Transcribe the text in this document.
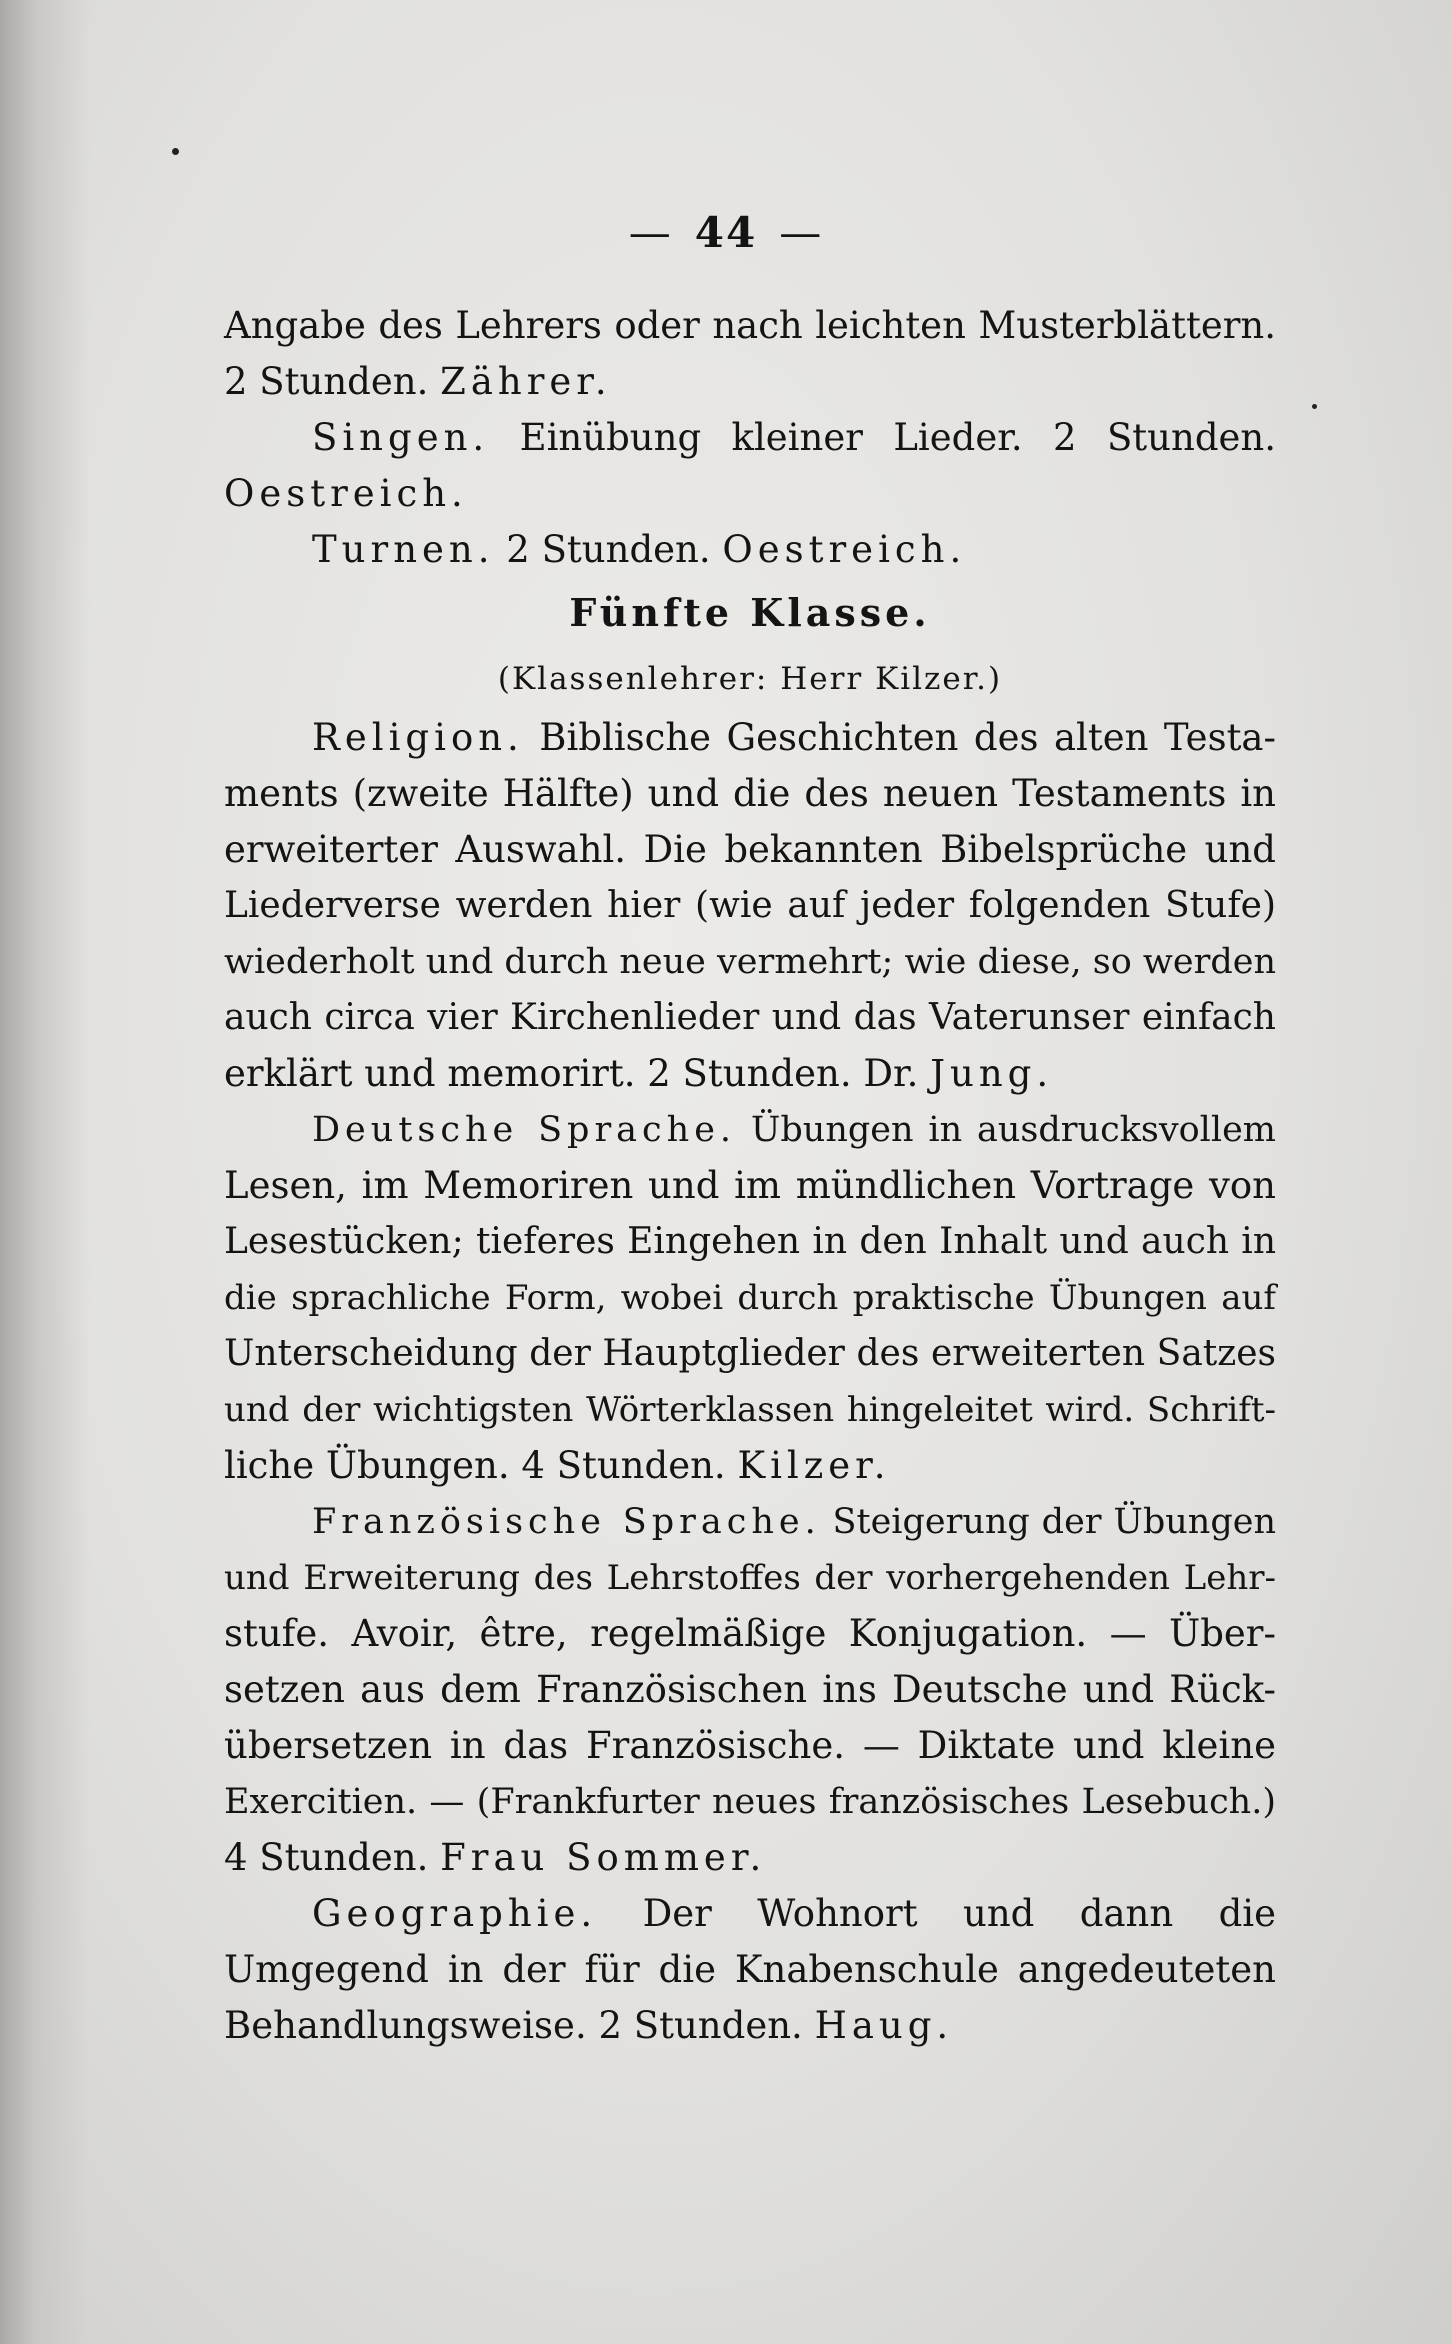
— 44 —
Angabe des Lehrers oder nach leichten Musterblättern.
2 Stunden. Zährer.
Singen. Einübung kleiner Lieder. 2 Stunden.
Oestreich.
Turnen. 2 Stunden. Oestreich.
Fünfte Klasse.
(Klassenlehrer: Herr Kilzer.)
Religion. Biblische Geschichten des alten Testa-
ments (zweite Hälfte) und die des neuen Testaments in
erweiterter Auswahl. Die bekannten Bibelsprüche und
Liederverse werden hier (wie auf jeder folgenden Stufe)
wiederholt und durch neue vermehrt; wie diese, so werden
auch circa vier Kirchenlieder und das Vaterunser einfach
erklärt und memorirt. 2 Stunden. Dr. Jung.
Deutsche Sprache. Übungen in ausdrucksvollem
Lesen, im Memoriren und im mündlichen Vortrage von
Lesestücken; tieferes Eingehen in den Inhalt und auch in
die sprachliche Form, wobei durch praktische Übungen auf
Unterscheidung der Hauptglieder des erweiterten Satzes
und der wichtigsten Wörterklassen hingeleitet wird. Schrift-
liche Übungen. 4 Stunden. Kilzer.
Französische Sprache. Steigerung der Übungen
und Erweiterung des Lehrstoffes der vorhergehenden Lehr-
stufe. Avoir, être, regelmäßige Konjugation. — Über-
setzen aus dem Französischen ins Deutsche und Rück-
übersetzen in das Französische. — Diktate und kleine
Exercitien. — (Frankfurter neues französisches Lesebuch.)
4 Stunden. Frau Sommer.
Geographie. Der Wohnort und dann die
Umgegend in der für die Knabenschule angedeuteten
Behandlungsweise. 2 Stunden. Haug.
